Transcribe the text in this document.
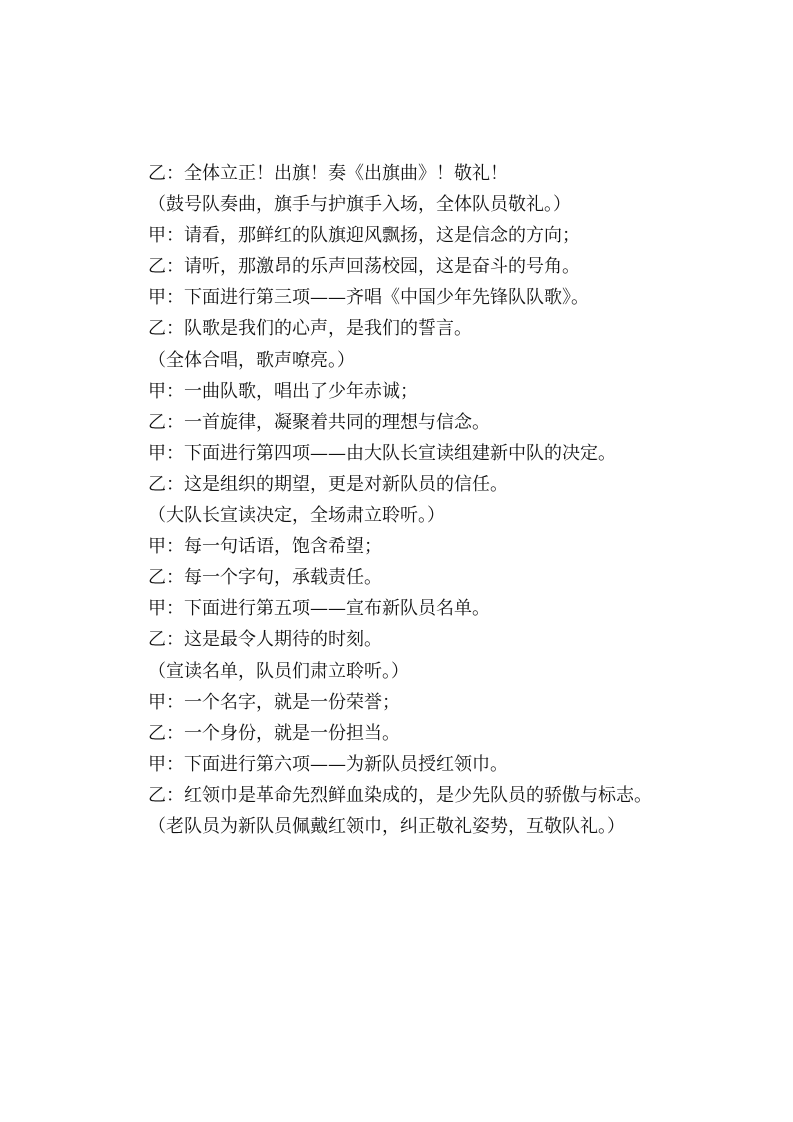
乙：全体立正！出旗！奏《出旗曲》！敬礼！
（鼓号队奏曲，旗手与护旗手入场，全体队员敬礼。）
甲：请看，那鲜红的队旗迎风飘扬，这是信念的方向；
乙：请听，那激昂的乐声回荡校园，这是奋斗的号角。
甲：下面进行第三项——齐唱《中国少年先锋队队歌》。
乙：队歌是我们的心声，是我们的誓言。
（全体合唱，歌声嘹亮。）
甲：一曲队歌，唱出了少年赤诚；
乙：一首旋律，凝聚着共同的理想与信念。
甲：下面进行第四项——由大队长宣读组建新中队的决定。
乙：这是组织的期望，更是对新队员的信任。
（大队长宣读决定，全场肃立聆听。）
甲：每一句话语，饱含希望；
乙：每一个字句，承载责任。
甲：下面进行第五项——宣布新队员名单。
乙：这是最令人期待的时刻。
（宣读名单，队员们肃立聆听。）
甲：一个名字，就是一份荣誉；
乙：一个身份，就是一份担当。
甲：下面进行第六项——为新队员授红领巾。
乙：红领巾是革命先烈鲜血染成的，是少先队员的骄傲与标志。
（老队员为新队员佩戴红领巾，纠正敬礼姿势，互敬队礼。）
